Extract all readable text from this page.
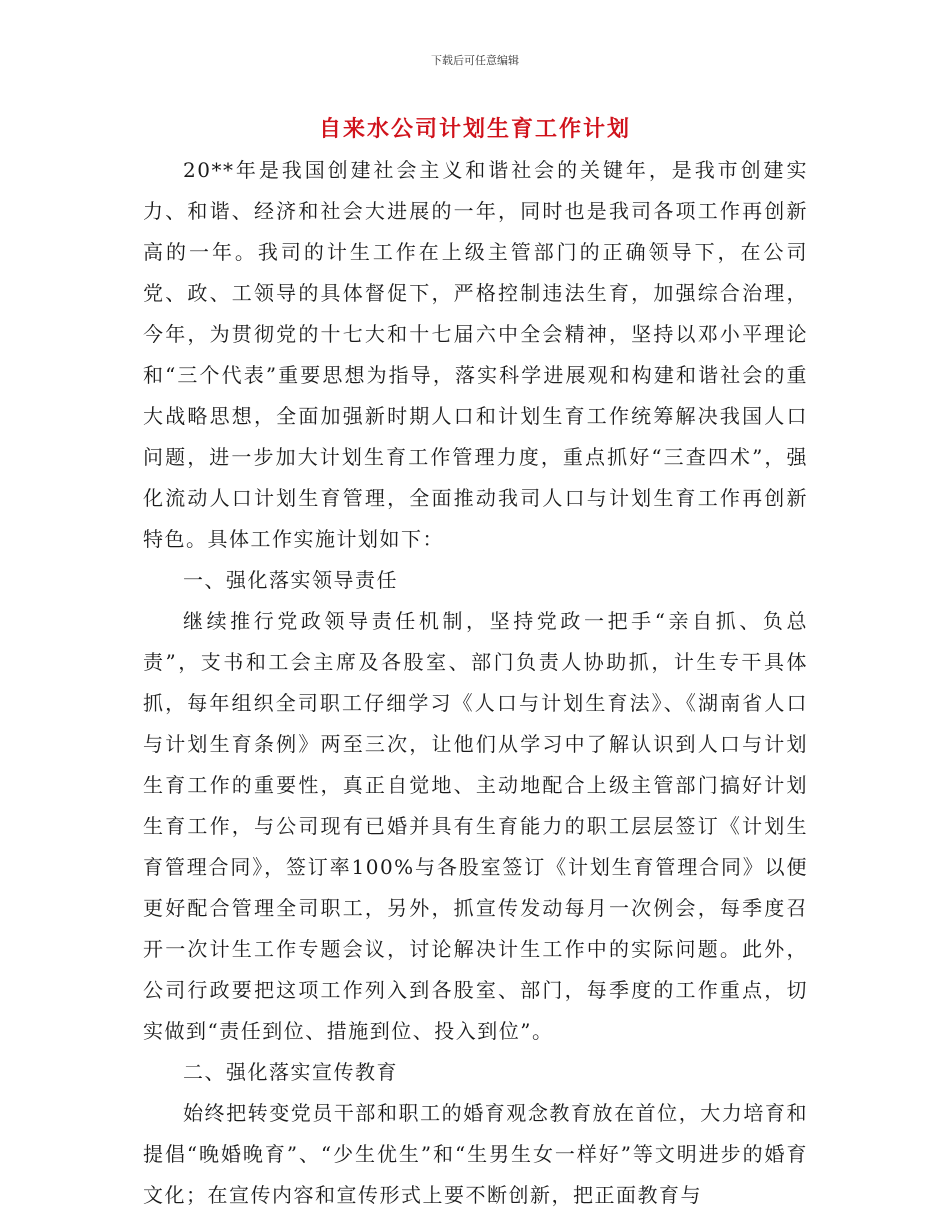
下载后可任意编辑
自来水公司计划生育工作计划

20**年是我国创建社会主义和谐社会的关键年，是我市创建实力、和谐、经济和社会大进展的一年，同时也是我司各项工作再创新高的一年。我司的计生工作在上级主管部门的正确领导下，在公司党、政、工领导的具体督促下，严格控制违法生育，加强综合治理，今年，为贯彻党的十七大和十七届六中全会精神，坚持以邓小平理论和“三个代表”重要思想为指导，落实科学进展观和构建和谐社会的重大战略思想，全面加强新时期人口和计划生育工作统筹解决我国人口问题，进一步加大计划生育工作管理力度，重点抓好“三查四术”，强化流动人口计划生育管理，全面推动我司人口与计划生育工作再创新特色。具体工作实施计划如下：

一、强化落实领导责任

继续推行党政领导责任机制，坚持党政一把手“亲自抓、负总责”，支书和工会主席及各股室、部门负责人协助抓，计生专干具体抓，每年组织全司职工仔细学习《人口与计划生育法》、《湖南省人口与计划生育条例》两至三次，让他们从学习中了解认识到人口与计划生育工作的重要性，真正自觉地、主动地配合上级主管部门搞好计划生育工作，与公司现有已婚并具有生育能力的职工层层签订《计划生育管理合同》，签订率100%与各股室签订《计划生育管理合同》以便更好配合管理全司职工，另外，抓宣传发动每月一次例会，每季度召开一次计生工作专题会议，讨论解决计生工作中的实际问题。此外，公司行政要把这项工作列入到各股室、部门，每季度的工作重点，切实做到“责任到位、措施到位、投入到位”。

二、强化落实宣传教育

始终把转变党员干部和职工的婚育观念教育放在首位，大力培育和提倡“晚婚晚育”、“少生优生”和“生男生女一样好”等文明进步的婚育文化；在宣传内容和宣传形式上要不断创新，把正面教育与
